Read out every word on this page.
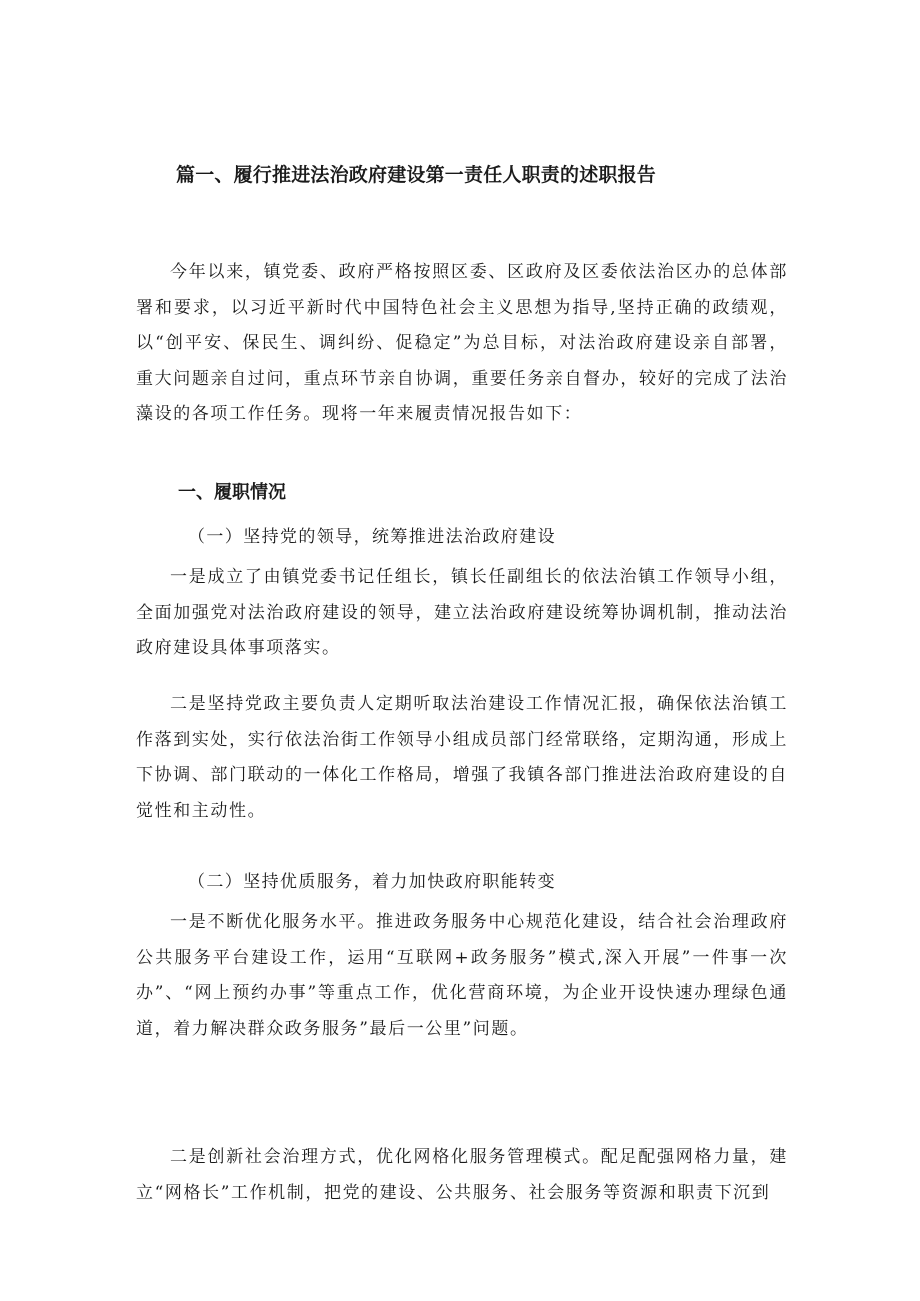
篇一、履行推进法治政府建设第一责任人职责的述职报告

今年以来，镇党委、政府严格按照区委、区政府及区委依法治区办的总体部署和要求，以习近平新时代中国特色社会主义思想为指导,坚持正确的政绩观，以“创平安、保民生、调纠纷、促稳定”为总目标，对法治政府建设亲自部署，重大问题亲自过问，重点环节亲自协调，重要任务亲自督办，较好的完成了法治藻设的各项工作任务。现将一年来履责情况报告如下：

一、履职情况
（一）坚持党的领导，统筹推进法治政府建设

一是成立了由镇党委书记任组长，镇长任副组长的依法治镇工作领导小组，全面加强党对法治政府建设的领导，建立法治政府建设统筹协调机制，推动法治政府建设具体事项落实。

二是坚持党政主要负责人定期听取法治建设工作情况汇报，确保依法治镇工作落到实处，实行依法治街工作领导小组成员部门经常联络，定期沟通，形成上下协调、部门联动的一体化工作格局，增强了我镇各部门推进法治政府建设的自觉性和主动性。

（二）坚持优质服务，着力加快政府职能转变

一是不断优化服务水平。推进政务服务中心规范化建设，结合社会治理政府公共服务平台建设工作，运用“互联网+政务服务”模式,深入开展”一件事一次办”、“网上预约办事”等重点工作，优化营商环境，为企业开设快速办理绿色通道，着力解决群众政务服务”最后一公里”问题。

二是创新社会治理方式，优化网格化服务管理模式。配足配强网格力量，建立“网格长”工作机制，把党的建设、公共服务、社会服务等资源和职责下沉到
